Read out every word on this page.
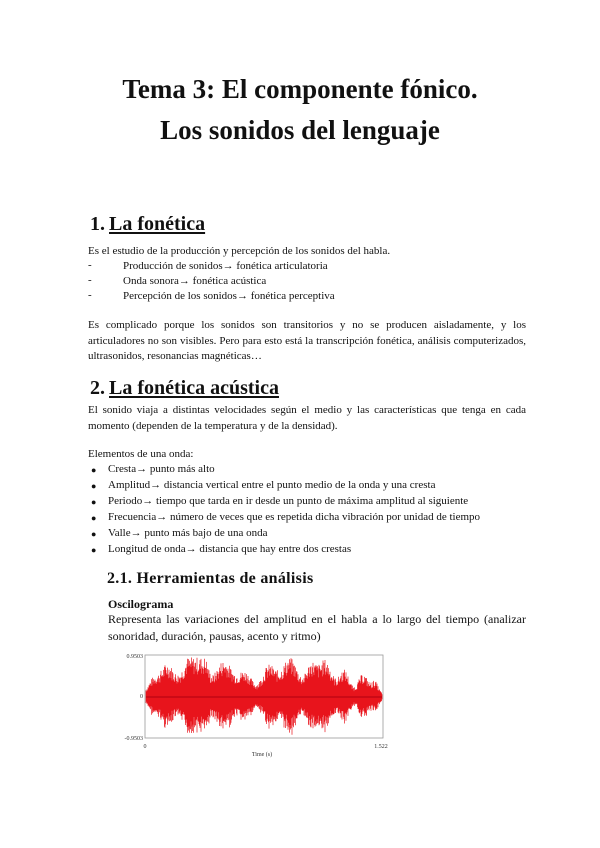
Tema 3: El componente fónico.
Los sonidos del lenguaje
1. La fonética
Es el estudio de la producción y percepción de los sonidos del habla.
-	Producción de sonidos→ fonética articulatoria
-	Onda sonora→ fonética acústica
-	Percepción de los sonidos→ fonética perceptiva
Es complicado porque los sonidos son transitorios y no se producen aisladamente, y los articuladores no son visibles. Pero para esto está la transcripción fonética, análisis computerizados, ultrasonidos, resonancias magnéticas…
2. La fonética acústica
El sonido viaja a distintas velocidades según el medio y las características que tenga en cada momento (dependen de la temperatura y de la densidad).
Elementos de una onda:
● Cresta→ punto más alto
● Amplitud→ distancia vertical entre el punto medio de la onda y una cresta
● Periodo→ tiempo que tarda en ir desde un punto de máxima amplitud al siguiente
● Frecuencia→ número de veces que es repetida dicha vibración por unidad de tiempo
● Valle→ punto más bajo de una onda
● Longitud de onda→ distancia que hay entre dos crestas
2.1. Herramientas de análisis
Oscilograma
Representa las variaciones del amplitud en el habla a lo largo del tiempo (analizar sonoridad, duración, pausas, acento y ritmo)
0.9503
0
-0.9503
0	1.522
Time (s)
